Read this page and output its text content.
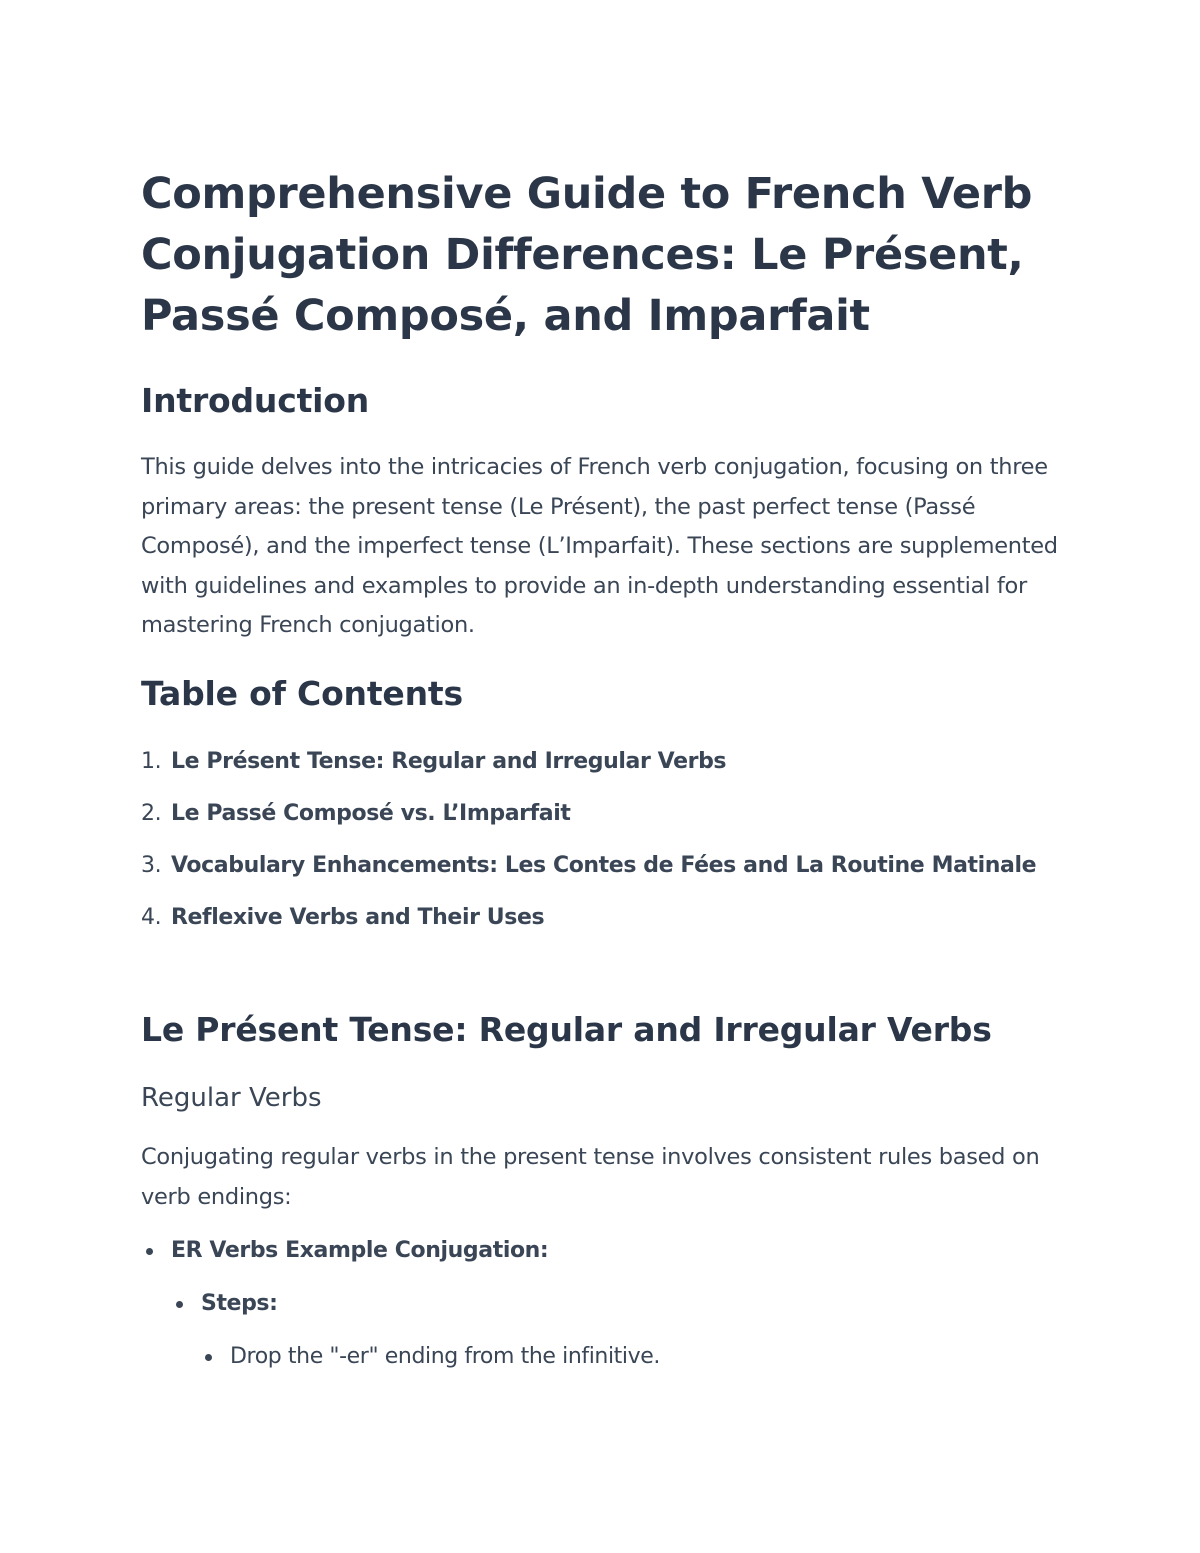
Comprehensive Guide to French Verb Conjugation Differences: Le Présent, Passé Composé, and Imparfait
Introduction

This guide delves into the intricacies of French verb conjugation, focusing on three primary areas: the present tense (Le Présent), the past perfect tense (Passé Composé), and the imperfect tense (L’Imparfait). These sections are supplemented with guidelines and examples to provide an in-depth understanding essential for mastering French conjugation.

Table of Contents
1. Le Présent Tense: Regular and Irregular Verbs
2. Le Passé Composé vs. L’Imparfait
3. Vocabulary Enhancements: Les Contes de Fées and La Routine Matinale
4. Reflexive Verbs and Their Uses
Le Présent Tense: Regular and Irregular Verbs
Regular Verbs

Conjugating regular verbs in the present tense involves consistent rules based on verb endings:

ER Verbs Example Conjugation:
Steps:
Drop the "-er" ending from the infinitive.
